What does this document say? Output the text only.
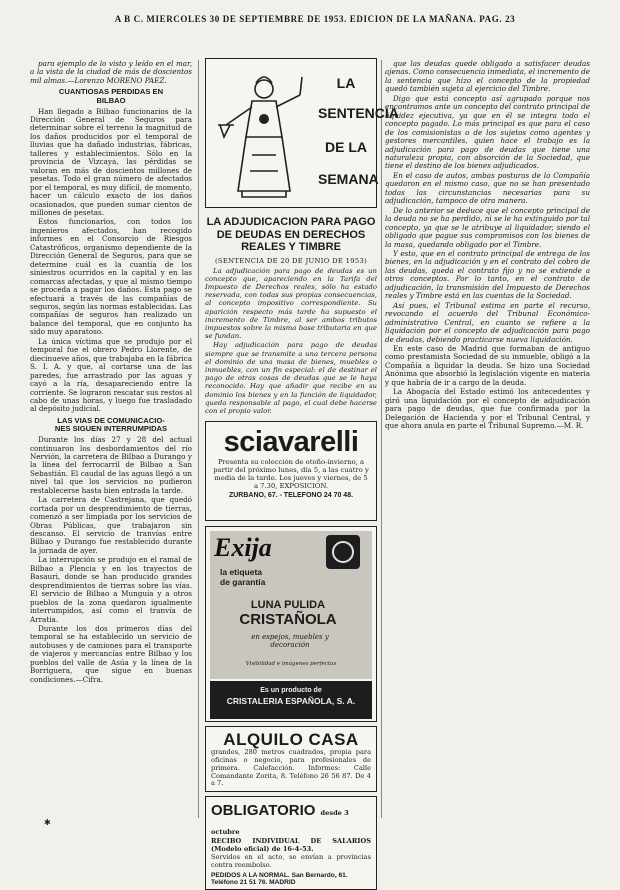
A B C. MIERCOLES 30 DE SEPTIEMBRE DE 1953. EDICION DE LA MAÑANA. PAG. 23

para ejemplo de lo visto y leído en el mar, a la vista de la ciudad de más de doscientos mil almas.—Lorenzo MORENO PAEZ.

CUANTIOSAS PERDIDAS EN
BILBAO

Han llegado a Bilbao funcionarios de la Dirección General de Seguros para determinar sobre el terreno la magnitud de los daños producidos por el temporal de lluvias que ha dañado industrias, fábricas, talleres y establecimientos. Sólo en la provincia de Vizcaya, las pérdidas se valoran en más de doscientos millones de pesetas. Todo el gran número de afectados por el temporal, es muy difícil, de momento, hacer un cálculo exacto de los daños ocasionados, que pueden sumar cientos de millones de pesetas.

Estos funcionarios, con todos los ingenieros afectados, han recogido informes en el Consorcio de Riesgos Catastróficos, organismo dependiente de la Dirección General de Seguros, para que se determine cuál es la cuantía de los siniestros ocurridos en la capital y en las comarcas afectadas, y que al mismo tiempo se proceda a pagar los daños. Esta pago se efectuará a través de las compañías de seguros, según las normas establecidas. Las compañías de seguros han realizado un balance del temporal, que en conjunto ha sido muy aparatoso.

La única víctima que se produjo por el temporal fue el obrero Pedro Llorente, de diecinueve años, que trabajaba en la fábrica S. I. A. y que, al cortarse una de las paredes, fue arrastrado por las aguas y cayó a la ría, desapareciendo entre la corriente. Se lograron rescatar sus restos al cabo de unas horas, y luego fue trasladado al depósito judicial.

LAS VIAS DE COMUNICACIO-
NES SIGUEN INTERRUMPIDAS

Durante los días 27 y 28 del actual continuaron los desbordamientos del río Nervión, la carretera de Bilbao a Durango y la línea del ferrocarril de Bilbao a San Sebastián. El caudal de las aguas llegó a un nivel tal que los servicios no pudieron restablecerse hasta bien entrada la tarde.

La carretera de Castrejana, que quedó cortada por un desprendimiento de tierras, comenzó a ser limpiada por los servicios de Obras Públicas, que trabajaron sin descanso. El servicio de tranvías entre Bilbao y Durango fue restablecido durante la jornada de ayer.

La interrupción se produjo en el ramal de Bilbao a Plencia y en los trayectos de Basauri, donde se han producido grandes desprendimientos de tierras sobre las vías. El servicio de Bilbao a Munguía y a otros pueblos de la zona quedaron igualmente interrumpidos, así como el tranvía de Arratia.

Durante los dos primeros días del temporal se ha establecido un servicio de autobuses y de camiones para el transporte de viajeros y mercancías entre Bilbao y los pueblos del valle de Asúa y la línea de la Borriguera, que sigue en buenas condiciones.—Cifra.

LA
SENTENCIA
DE LA
SEMANA
LA ADJUDICACION PARA PAGO DE DEUDAS EN DERECHOS REALES Y TIMBRE
(SENTENCIA DE 20 DE JUNIO DE 1953)

La adjudicación para pago de deudas es un concepto que, apareciendo en la Tarifa del Impuesto de Derechos reales, sólo ha estado reservada, con todas sus propias consecuencias, al concepto impositivo correspondiente. Su aparición respecto más tarde ha supuesto el incremento de Timbre, al ser ambos tributos impuestos sobre la misma base tributaria en que se fundan.

Hay adjudicación para pago de deudas siempre que se transmite a una tercera persona el dominio de una masa de bienes, muebles o inmuebles, con un fin especial: el de destinar el pago de otras cosas de deudas que se le haya reconocido. Hay que añadir que recibe en su dominio los bienes y en la función de liquidador, queda responsable al pago, el cual debe hacerse con el propio valor.

sciavarelli
Presenta su colección de otoño-invierno, a partir del próximo lunes, día 5, a las cuatro y media de la tarde. Los jueves y viernes, de 5 a 7.30, EXPOSICION.
ZURBANO, 67. - TELEFONO 24 70 48.
Exija
la etiqueta
de garantía
LUNA PULIDA
CRISTAÑOLA
en espejos, muebles y decoración
Visibilidad e imágenes perfectas
Es un producto de
CRISTALERIA ESPAÑOLA, S. A.
ALQUILO CASA
grandes, 280 metros cuadrados, propia para oficinas o negocio, para profesionales de primera. Calefacción. Informes: Calle Comandante Zorita, 8. Teléfono 26 56 87. De 4 a 7.
OBLIGATORIO desde 3 octubre
RECIBO INDIVIDUAL DE SALARIOS (Modelo oficial) de 16-4-53.
Servidos en el acto, se envían a provincias contra reembolso.
PEDIDOS A LA NORMAL. San Bernardo, 61. Teléfono 21 51 76. MADRID

que las deudas quede obligado a satisfacer deudas ajenas. Como consecuencia inmediata, el incremento de la sentencia que hizo el concepto de la propiedad quedó también sujeta al ejercicio del Timbre.

Digo que está concepto así agrupado porque nos encontramos ante un concepto del contrato principal de liquidez ejecutiva, ya que en él se integra todo el concepto pagado. Lo más principal es que para el caso de los comisionistas o de los sujetos como agentes y gestores mercantiles, quien hace el trabajo es la adjudicación para pago de deudas que tiene una naturaleza propia, con absorción de la Sociedad, que tiene el destino de los bienes adjudicados.

En el caso de autos, ambas posturas de la Compañía quedaron en el mismo caso, que no se han presentado todas las circunstancias necesarias para su adjudicación, tampoco de otra manera.

De lo anterior se deduce que el concepto principal de la deuda no se ha perdido, ni se le ha extinguido por tal concepto, ya que se le atribuye al liquidador, siendo el obligado que pague sus compromisos con los bienes de la masa, quedando obligado por el Timbre.

Y esto, que en el contrato principal de entrega de los bienes, en la adjudicación y en el contrato del cobro de las deudas, queda el contrato fijo y no se extiende a otros conceptos. Por lo tanto, en el contrato de adjudicación, la transmisión del Impuesto de Derechos reales y Timbre está en las cuentas de la Sociedad.

Así pues, el Tribunal estima en parte el recurso, revocando el acuerdo del Tribunal Económico-administrativo Central, en cuanto se refiere a la liquidación por el concepto de adjudicación para pago de deudas, debiendo practicarse nueva liquidación.

En este caso de Madrid que formaban de antiguo como prestamista Sociedad de su inmueble, obligó a la Compañía a liquidar la deuda. Se hizo una Sociedad Anónima que absorbió la legislación vigente en materia y que habría de ir a cargo de la deuda.

La Abogacía del Estado estimó los antecedentes y giró una liquidación por el concepto de adjudicación para pago de deudas, que fue confirmada por la Delegación de Hacienda y por el Tribunal Central, y que ahora anula en parte el Tribunal Supremo.—M. R.

✱
